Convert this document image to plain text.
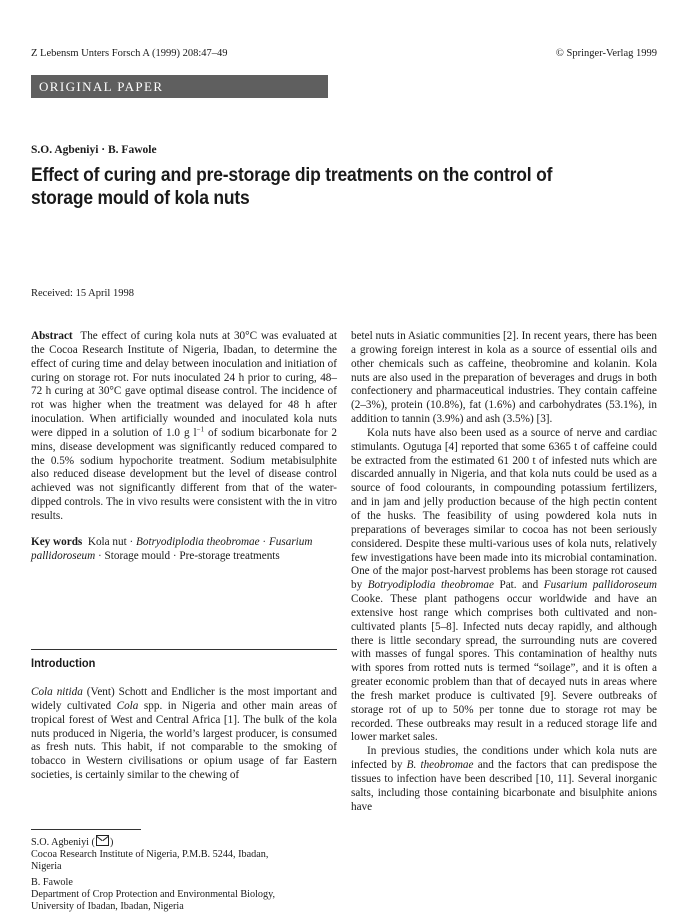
Z Lebensm Unters Forsch A (1999) 208:47–49	© Springer-Verlag 1999
ORIGINAL PAPER
S.O. Agbeniyi · B. Fawole
Effect of curing and pre-storage dip treatments on the control of storage mould of kola nuts
Received: 15 April 1998

Abstract The effect of curing kola nuts at 30°C was evaluated at the Cocoa Research Institute of Nigeria, Ibadan, to determine the effect of curing time and delay between inoculation and initiation of curing on storage rot. For nuts inoculated 24 h prior to curing, 48–72 h curing at 30°C gave optimal disease control. The incidence of rot was higher when the treatment was delayed for 48 h after inoculation. When artificially wounded and inoculated kola nuts were dipped in a solution of 1.0 g $l^{-1}$ of sodium bicarbonate for 2 mins, disease development was significantly reduced compared to the 0.5% sodium hypochorite treatment. Sodium metabisulphite also reduced disease development but the level of disease control achieved was not significantly different from that of the water-dipped controls. The in vivo results were consistent with the in vitro results.

Key words Kola nut · Botryodiplodia theobromae · Fusarium pallidoroseum · Storage mould · Pre-storage treatments

Introduction

Cola nitida (Vent) Schott and Endlicher is the most important and widely cultivated Cola spp. in Nigeria and other main areas of tropical forest of West and Central Africa [1]. The bulk of the kola nuts produced in Nigeria, the world’s largest producer, is consumed as fresh nuts. This habit, if not comparable to the smoking of tobacco in Western civilisations or opium usage of far Eastern societies, is certainly similar to the chewing of

S.O. Agbeniyi ( )

Cocoa Research Institute of Nigeria, P.M.B. 5244, Ibadan,

Nigeria

B. Fawole

Department of Crop Protection and Environmental Biology,

University of Ibadan, Ibadan, Nigeria

betel nuts in Asiatic communities [2]. In recent years, there has been a growing foreign interest in kola as a source of essential oils and other chemicals such as caffeine, theobromine and kolanin. Kola nuts are also used in the preparation of beverages and drugs in both confectionery and pharmaceutical industries. They contain caffeine (2–3%), protein (10.8%), fat (1.6%) and carbohydrates (53.1%), in addition to tannin (3.9%) and ash (3.5%) [3].

Kola nuts have also been used as a source of nerve and cardiac stimulants. Ogutuga [4] reported that some 6365 t of caffeine could be extracted from the estimated 61 200 t of infested nuts which are discarded annually in Nigeria, and that kola nuts could be used as a source of food colourants, in compounding potassium fertilizers, and in jam and jelly production because of the high pectin content of the husks. The feasibility of using powdered kola nuts in preparations of beverages similar to cocoa has not been seriously considered. Despite these multi-various uses of kola nuts, relatively few investigations have been made into its microbial contamination. One of the major post-harvest problems has been storage rot caused by Botryodiplodia theobromae Pat. and Fusarium pallidoroseum Cooke. These plant pathogens occur worldwide and have an extensive host range which comprises both cultivated and non-cultivated plants [5–8]. Infected nuts decay rapidly, and although there is little secondary spread, the surrounding nuts are covered with masses of fungal spores. This contamination of healthy nuts with spores from rotted nuts is termed “soilage”, and it is often a greater economic problem than that of decayed nuts in areas where the fresh market produce is cultivated [9]. Severe outbreaks of storage rot of up to 50% per tonne due to storage rot may be recorded. These outbreaks may result in a reduced storage life and lower market sales.

In previous studies, the conditions under which kola nuts are infected by B. theobromae and the factors that can predispose the tissues to infection have been described [10, 11]. Several inorganic salts, including those containing bicarbonate and bisulphite anions have
